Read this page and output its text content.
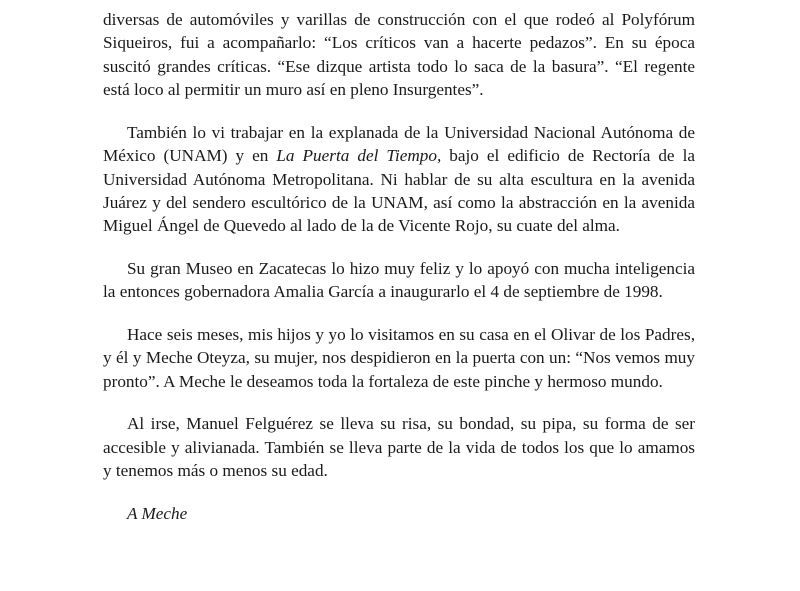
diversas de automóviles y varillas de construcción con el que rodeó al Polyfórum Siqueiros, fui a acompañarlo: “Los críticos van a hacerte pedazos”. En su época suscitó grandes críticas. “Ese dizque artista todo lo saca de la basura”. “El regente está loco al permitir un muro así en pleno Insurgentes”.

También lo vi trabajar en la explanada de la Universidad Nacional Autónoma de México (UNAM) y en La Puerta del Tiempo, bajo el edificio de Rectoría de la Universidad Autónoma Metropolitana. Ni hablar de su alta escultura en la avenida Juárez y del sendero escultórico de la UNAM, así como la abstracción en la avenida Miguel Ángel de Quevedo al lado de la de Vicente Rojo, su cuate del alma.

Su gran Museo en Zacatecas lo hizo muy feliz y lo apoyó con mucha inteligencia la entonces gobernadora Amalia García a inaugurarlo el 4 de septiembre de 1998.

Hace seis meses, mis hijos y yo lo visitamos en su casa en el Olivar de los Padres, y él y Meche Oteyza, su mujer, nos despidieron en la puerta con un: “Nos vemos muy pronto”. A Meche le deseamos toda la fortaleza de este pinche y hermoso mundo.

Al irse, Manuel Felguérez se lleva su risa, su bondad, su pipa, su forma de ser accesible y alivianada. También se lleva parte de la vida de todos los que lo amamos y tenemos más o menos su edad.

A Meche
